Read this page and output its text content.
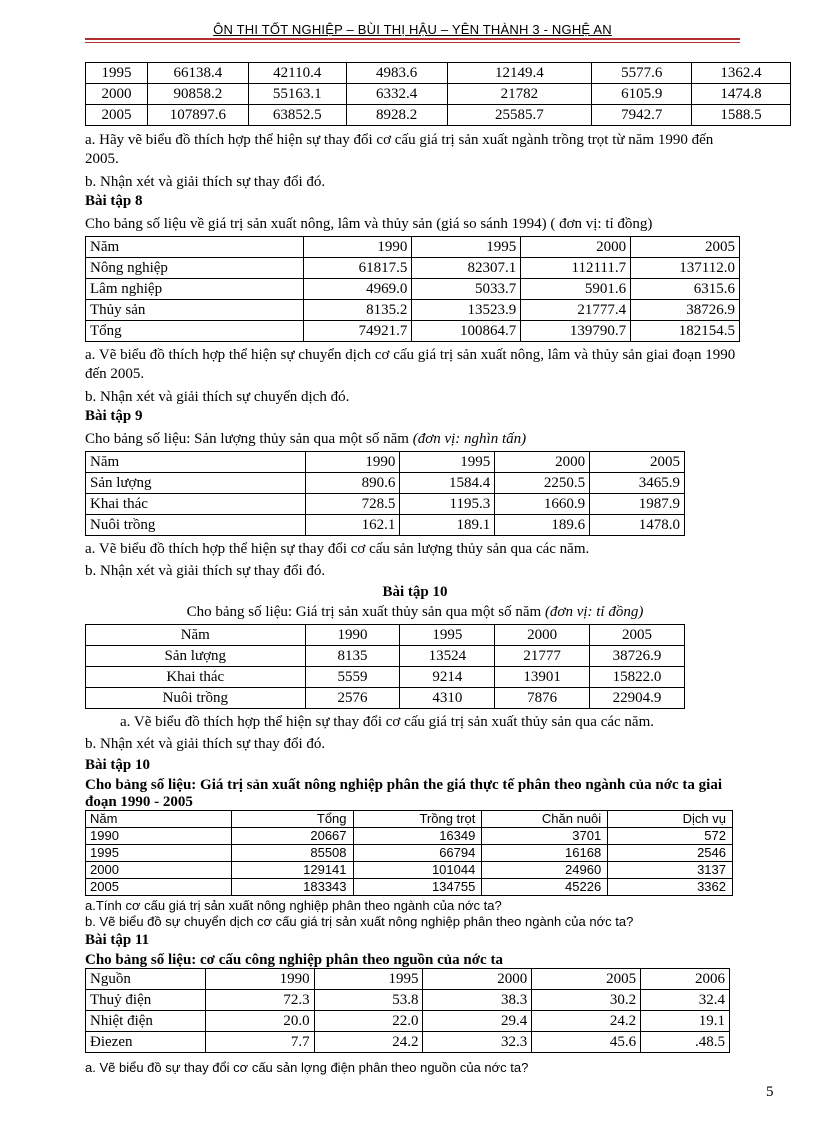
ÔN THI TỐT NGHIỆP – BÙI THỊ HẬU – YÊN THÀNH 3 - NGHỆ AN
1995	66138.4	42110.4	4983.6	12149.4	5577.6	1362.4
2000	90858.2	55163.1	6332.4	21782	6105.9	1474.8
2005	107897.6	63852.5	8928.2	25585.7	7942.7	1588.5
a. Hãy vẽ biểu đồ thích hợp thể hiện sự thay đổi cơ cấu giá trị sản xuất ngành trồng trọt từ năm 1990 đến 2005.
b. Nhận xét và giải thích sự thay đổi đó.
Bài tập 8
Cho bảng số liệu về giá trị sản xuất nông, lâm và thủy sản (giá so sánh 1994) ( đơn vị: tỉ đồng)
Năm	1990	1995	2000	2005
Nông nghiệp	61817.5	82307.1	112111.7	137112.0
Lâm nghiệp	4969.0	5033.7	5901.6	6315.6
Thủy sản	8135.2	13523.9	21777.4	38726.9
Tổng	74921.7	100864.7	139790.7	182154.5
a. Vẽ biểu đồ thích hợp thể hiện sự chuyển dịch cơ cấu giá trị sản xuất nông, lâm và thủy sản giai đoạn 1990 đến 2005.
b. Nhận xét và giải thích sự chuyển dịch đó.
Bài tập 9
Cho bảng số liệu: Sản lượng thủy sản qua một số năm (đơn vị: nghìn tấn)
Năm	1990	1995	2000	2005
Sản lượng	890.6	1584.4	2250.5	3465.9
Khai thác	728.5	1195.3	1660.9	1987.9
Nuôi trồng	162.1	189.1	189.6	1478.0
a. Vẽ biểu đồ thích hợp thể hiện sự thay đổi cơ cấu sản lượng thủy sản qua các năm.
b. Nhận xét và giải thích sự thay đổi đó.
Bài tập 10
Cho bảng số liệu: Giá trị sản xuất thủy sản qua một số năm (đơn vị: tỉ đồng)
Năm	1990	1995	2000	2005
Sản lượng	8135	13524	21777	38726.9
Khai thác	5559	9214	13901	15822.0
Nuôi trồng	2576	4310	7876	22904.9
a. Vẽ biểu đồ thích hợp thể hiện sự thay đổi cơ cấu giá trị sản xuất thủy sản qua các năm.
b. Nhận xét và giải thích sự thay đổi đó.
Bài tập 10
Cho bảng số liệu: Giá trị sản xuất nông nghiệp phân the giá thực tế phân theo ngành của nớc ta giai đoạn 1990 - 2005
Năm	Tổng	Trồng trọt	Chăn nuôi	Dịch vụ
1990	20667	16349	3701	572
1995	85508	66794	16168	2546
2000	129141	101044	24960	3137
2005	183343	134755	45226	3362
a.Tính cơ cấu giá trị sản xuất nông nghiệp phân theo ngành của nớc ta?
b. Vẽ biểu đồ sự chuyển dịch cơ cấu giá trị sản xuất nông nghiệp phân theo ngành của nớc ta?
Bài tập 11
Cho bảng số liệu: cơ cấu công nghiệp phân theo nguồn của nớc ta
Nguồn	1990	1995	2000	2005	2006
Thuỷ điện	72.3	53.8	38.3	30.2	32.4
Nhiệt điện	20.0	22.0	29.4	24.2	19.1
Điezen	7.7	24.2	32.3	45.6	.48.5
a. Vẽ biểu đồ sự thay đổi cơ cấu sản lợng điện phân theo nguồn của nớc ta?
5
